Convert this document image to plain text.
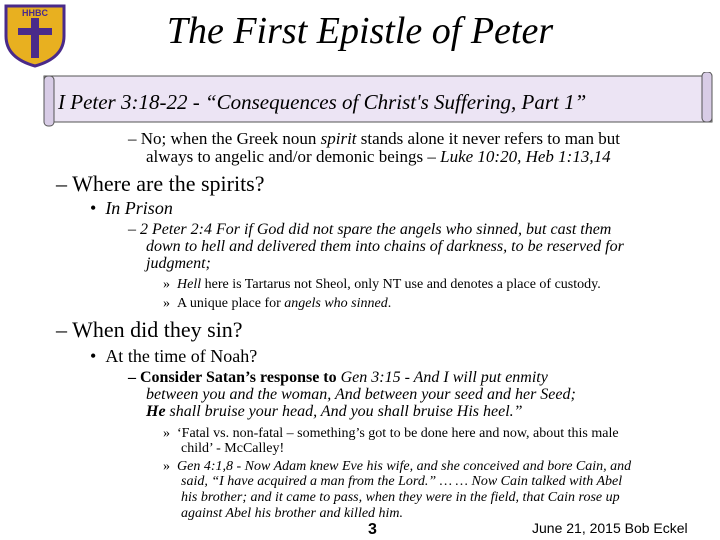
HHBC	The First Epistle of Peter
I Peter 3:18-22 - “Consequences of Christ's Suffering, Part 1”
– No; when the Greek noun spirit stands alone it never refers to man but
always to angelic and/or demonic beings – Luke 10:20, Heb 1:13,14
– Where are the spirits?
• In Prison
– 2 Peter 2:4 For if God did not spare the angels who sinned, but cast them
down to hell and delivered them into chains of darkness, to be reserved for
judgment;
» Hell here is Tartarus not Sheol, only NT use and denotes a place of custody.
» A unique place for angels who sinned.
– When did they sin?
• At the time of Noah?
– Consider Satan’s response to Gen 3:15 - And I will put enmity
between you and the woman, And between your seed and her Seed;
He shall bruise your head, And you shall bruise His heel.”
» ‘Fatal vs. non-fatal – something’s got to be done here and now, about this male
child’ - McCalley!
» Gen 4:1,8 - Now Adam knew Eve his wife, and she conceived and bore Cain, and
said, “I have acquired a man from the Lord.” … … Now Cain talked with Abel
his brother; and it came to pass, when they were in the field, that Cain rose up
against Abel his brother and killed him.
3	June 21, 2015 Bob Eckel
